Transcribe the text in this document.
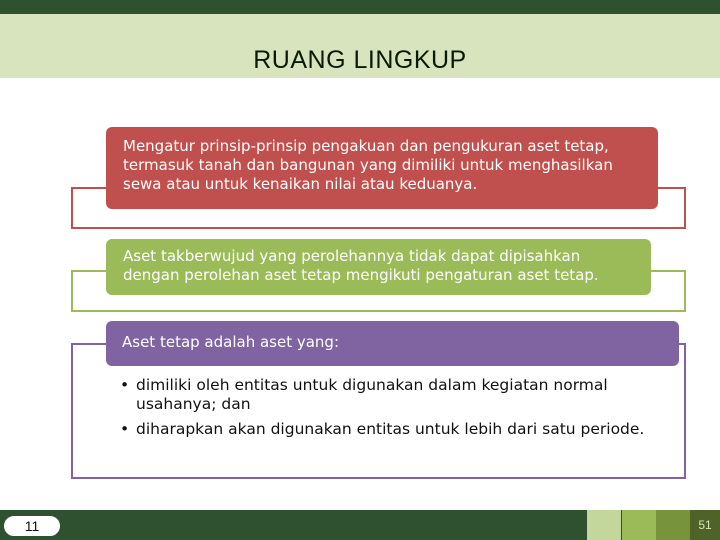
RUANG LINGKUP
Mengatur prinsip-prinsip pengakuan dan pengukuran aset tetap, termasuk tanah dan bangunan yang dimiliki untuk menghasilkan sewa atau untuk kenaikan nilai atau keduanya.
Aset takberwujud yang perolehannya tidak dapat dipisahkan dengan perolehan aset tetap mengikuti pengaturan aset tetap.
Aset tetap adalah aset yang:
• dimiliki oleh entitas untuk digunakan dalam kegiatan normal usahanya; dan
• diharapkan akan digunakan entitas untuk lebih dari satu periode.
11	51
